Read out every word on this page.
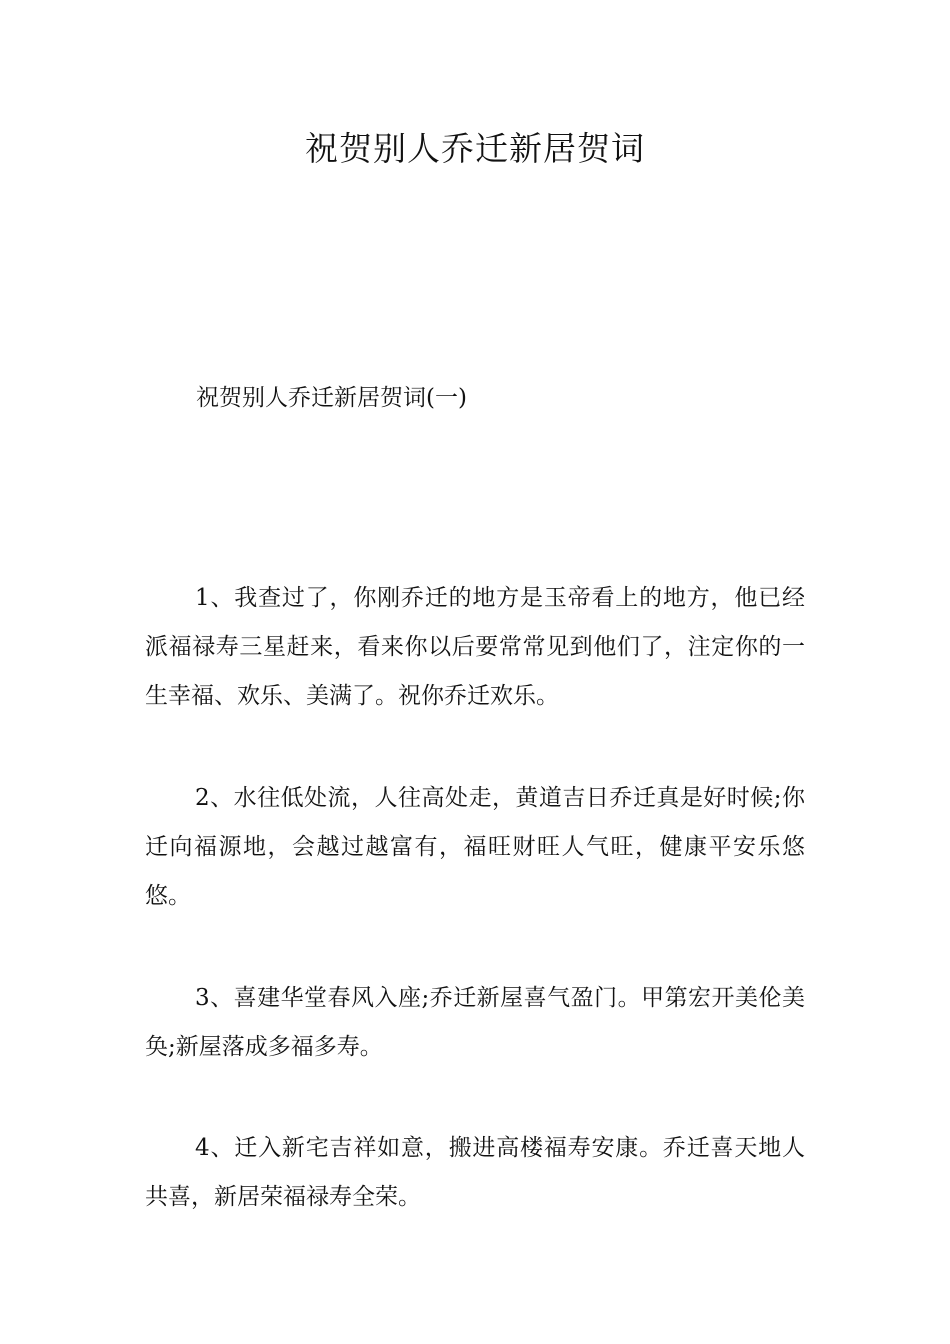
祝贺别人乔迁新居贺词
祝贺别人乔迁新居贺词(一)

1、我查过了，你刚乔迁的地方是玉帝看上的地方，他已经派福禄寿三星赶来，看来你以后要常常见到他们了，注定你的一生幸福、欢乐、美满了。祝你乔迁欢乐。

2、水往低处流，人往高处走，黄道吉日乔迁真是好时候;你迁向福源地，会越过越富有，福旺财旺人气旺，健康平安乐悠悠。

3、喜建华堂春风入座;乔迁新屋喜气盈门。甲第宏开美伦美奂;新屋落成多福多寿。

4、迁入新宅吉祥如意，搬进高楼福寿安康。乔迁喜天地人共喜，新居荣福禄寿全荣。
